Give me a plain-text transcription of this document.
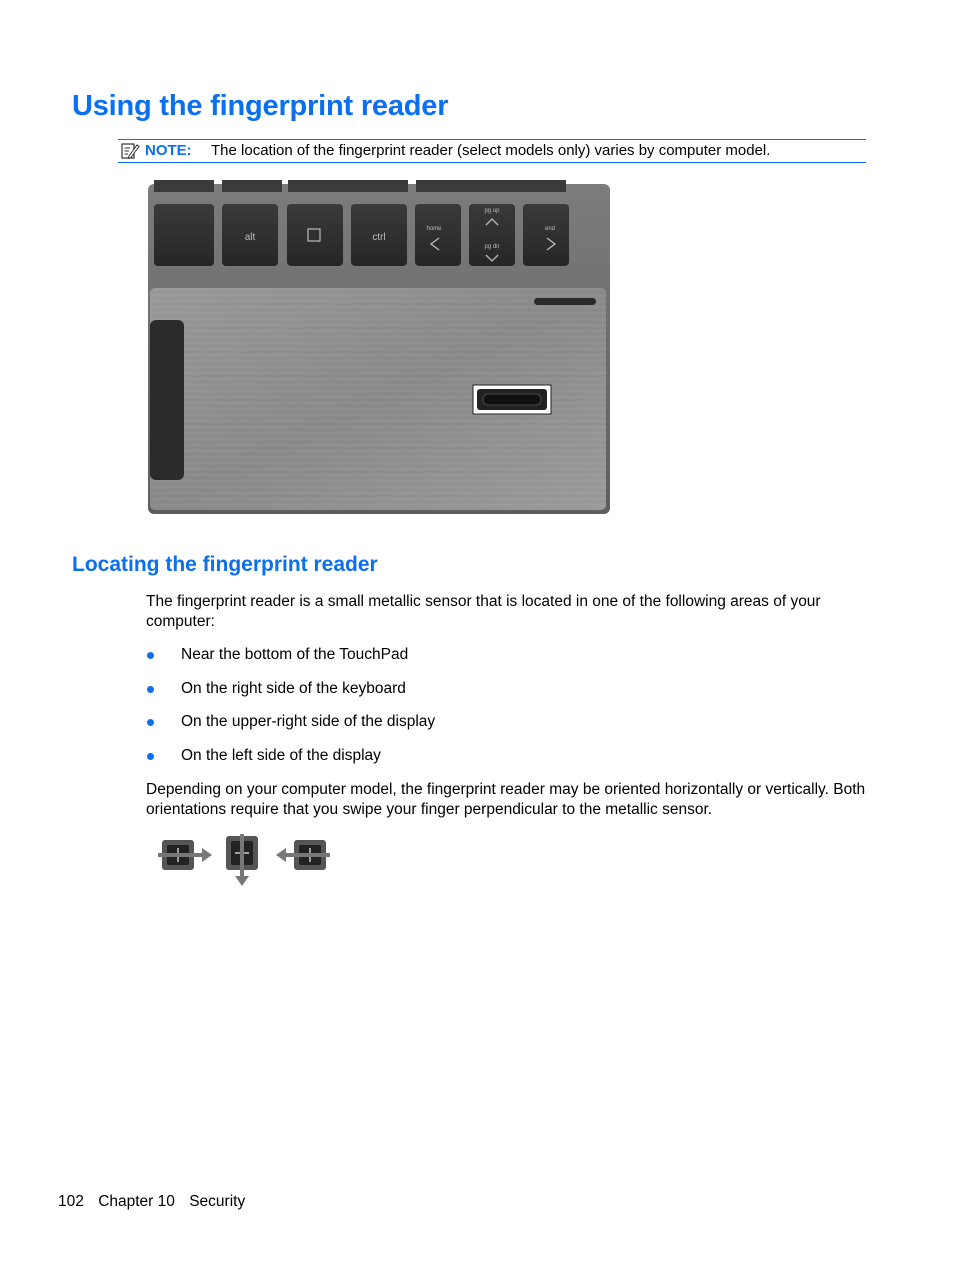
Using the fingerprint reader
NOTE: The location of the fingerprint reader (select models only) varies by computer model.
alt	ctrl
home
pg up
pg dn
end
Locating the fingerprint reader

The fingerprint reader is a small metallic sensor that is located in one of the following areas of your computer:

Near the bottom of the TouchPad
On the right side of the keyboard
On the upper-right side of the display
On the left side of the display

Depending on your computer model, the fingerprint reader may be oriented horizontally or vertically. Both orientations require that you swipe your finger perpendicular to the metallic sensor.

102 Chapter 10 Security
